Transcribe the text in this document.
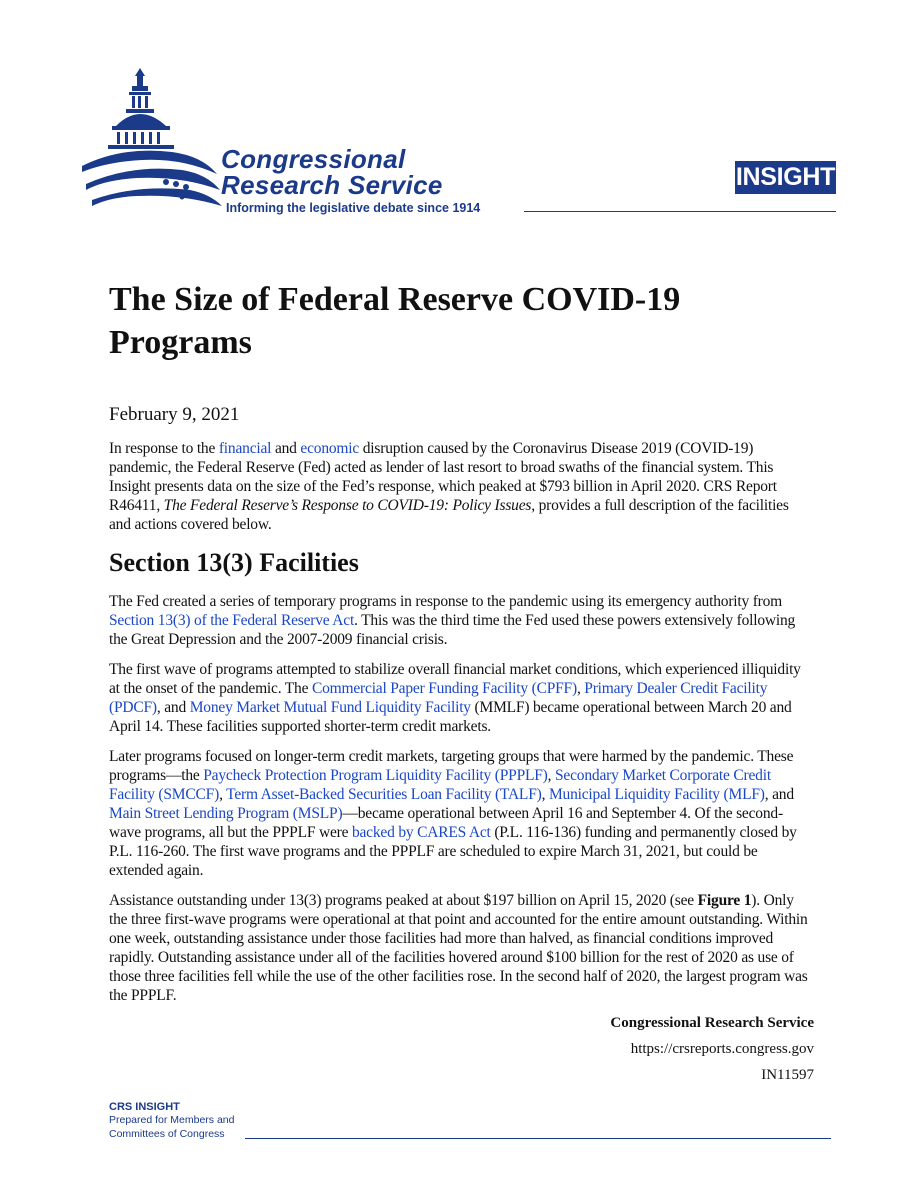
Congressional
Research Service
Informing the legislative debate since 1914
INSIGHT
The Size of Federal Reserve COVID-19 Programs
February 9, 2021

In response to the financial and economic disruption caused by the Coronavirus Disease 2019 (COVID-19) pandemic, the Federal Reserve (Fed) acted as lender of last resort to broad swaths of the financial system. This Insight presents data on the size of the Fed’s response, which peaked at $793 billion in April 2020. CRS Report R46411, The Federal Reserve’s Response to COVID-19: Policy Issues, provides a full description of the facilities and actions covered below.

Section 13(3) Facilities

The Fed created a series of temporary programs in response to the pandemic using its emergency authority from Section 13(3) of the Federal Reserve Act. This was the third time the Fed used these powers extensively following the Great Depression and the 2007-2009 financial crisis.

The first wave of programs attempted to stabilize overall financial market conditions, which experienced illiquidity at the onset of the pandemic. The Commercial Paper Funding Facility (CPFF), Primary Dealer Credit Facility (PDCF), and Money Market Mutual Fund Liquidity Facility (MMLF) became operational between March 20 and April 14. These facilities supported shorter-term credit markets.

Later programs focused on longer-term credit markets, targeting groups that were harmed by the pandemic. These programs—the Paycheck Protection Program Liquidity Facility (PPPLF), Secondary Market Corporate Credit Facility (SMCCF), Term Asset-Backed Securities Loan Facility (TALF), Municipal Liquidity Facility (MLF), and Main Street Lending Program (MSLP)—became operational between April 16 and September 4. Of the second-wave programs, all but the PPPLF were backed by CARES Act (P.L. 116-136) funding and permanently closed by P.L. 116-260. The first wave programs and the PPPLF are scheduled to expire March 31, 2021, but could be extended again.

Assistance outstanding under 13(3) programs peaked at about $197 billion on April 15, 2020 (see Figure 1). Only the three first-wave programs were operational at that point and accounted for the entire amount outstanding. Within one week, outstanding assistance under those facilities had more than halved, as financial conditions improved rapidly. Outstanding assistance under all of the facilities hovered around $100 billion for the rest of 2020 as use of those three facilities fell while the use of the other facilities rose. In the second half of 2020, the largest program was the PPPLF.

Congressional Research Service
https://crsreports.congress.gov
IN11597
CRS INSIGHT
Prepared for Members and
Committees of Congress
